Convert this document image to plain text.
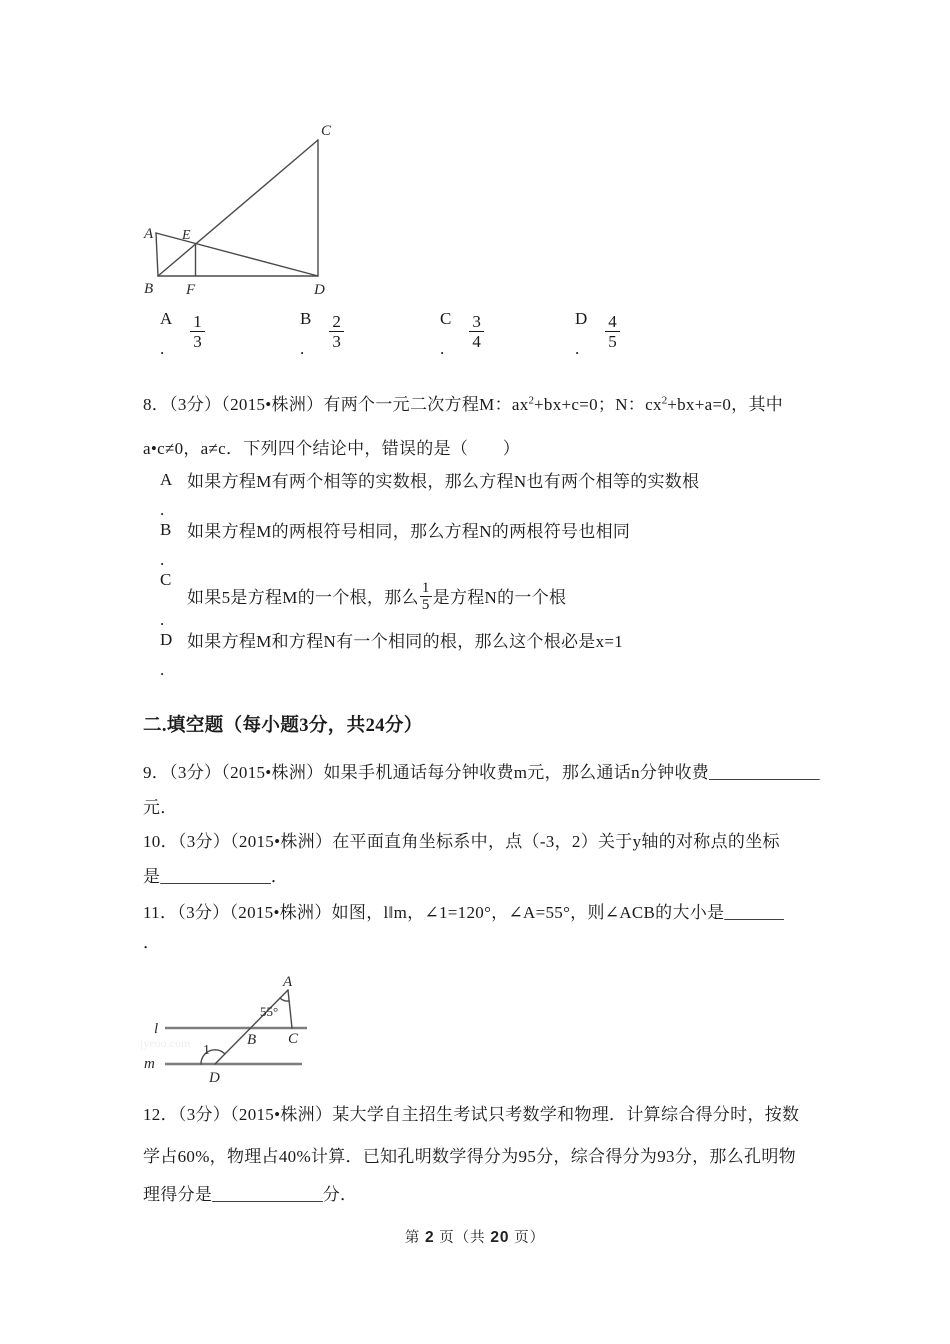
C
A E
B F	D
A
. $\frac{1}{3}$	B
. $\frac{2}{3}$	C
. $\frac{3}{4}$	D
. $\frac{4}{5}$
8．（3分）（2015•株洲）有两个一元二次方程M：$ax^2+bx+c=0$；N：$cx^2+bx+a=0$，其中
a•c≠0，a≠c．下列四个结论中，错误的是（　　）
A
.
如果方程M有两个相等的实数根，那么方程N也有两个相等的实数根
B
.
如果方程M的两根符号相同，那么方程N的两根符号也相同
C
.
如果5是方程M的一个根，那么 $\frac{1}{5}$ 是方程N的一个根
D
.
如果方程M和方程N有一个相同的根，那么这个根必是x=1
二.填空题（每小题3分，共24分）
9．（3分）（2015•株洲）如果手机通话每分钟收费m元，那么通话n分钟收费_____________
元．
10．（3分）（2015•株洲）在平面直角坐标系中，点（-3，2）关于y轴的对称点的坐标
是_____________．
11．（3分）（2015•株洲）如图，l‖m，∠1=120°，∠A=55°，则∠ACB的大小是_______
．
jyeoo.com
l
m
A
B C
D
1
55°
12．（3分）（2015•株洲）某大学自主招生考试只考数学和物理．计算综合得分时，按数
学占60%，物理占40%计算．已知孔明数学得分为95分，综合得分为93分，那么孔明物
理得分是_____________分．
第 2 页（共 20 页）
